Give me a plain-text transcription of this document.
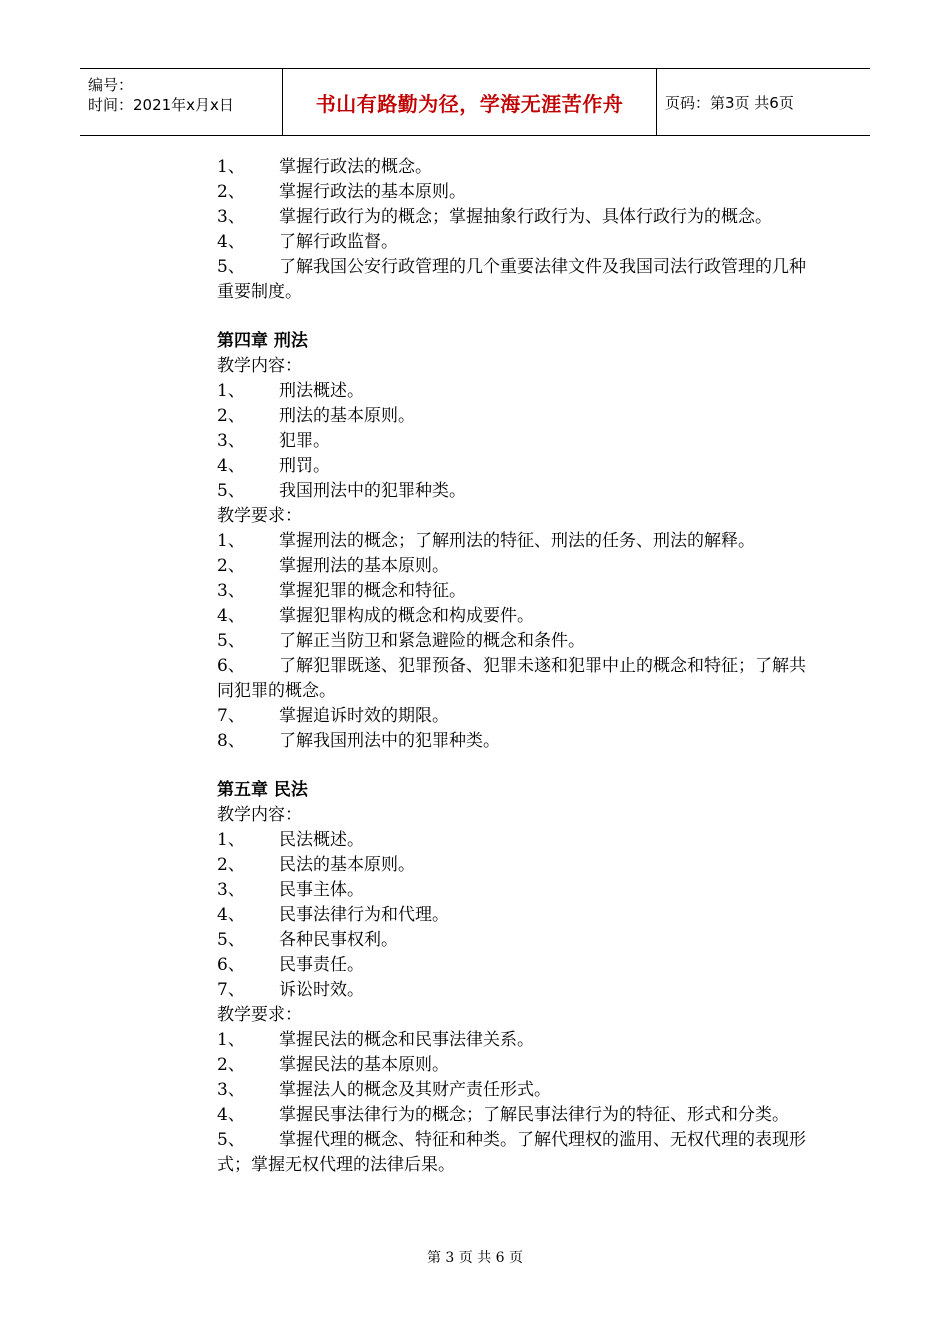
编号：
时间：2021年x月x日	书山有路勤为径，学海无涯苦作舟	页码：第3页 共6页
1、 掌握行政法的概念。
2、 掌握行政法的基本原则。
3、 掌握行政行为的概念；掌握抽象行政行为、具体行政行为的概念。
4、 了解行政监督。
5、 了解我国公安行政管理的几个重要法律文件及我国司法行政管理的几种重要制度。
第四章 刑法
教学内容：
1、 刑法概述。
2、 刑法的基本原则。
3、 犯罪。
4、 刑罚。
5、 我国刑法中的犯罪种类。
教学要求：
1、 掌握刑法的概念；了解刑法的特征、刑法的任务、刑法的解释。
2、 掌握刑法的基本原则。
3、 掌握犯罪的概念和特征。
4、 掌握犯罪构成的概念和构成要件。
5、 了解正当防卫和紧急避险的概念和条件。
6、 了解犯罪既遂、犯罪预备、犯罪未遂和犯罪中止的概念和特征；了解共同犯罪的概念。
7、 掌握追诉时效的期限。
8、 了解我国刑法中的犯罪种类。
第五章 民法
教学内容：
1、 民法概述。
2、 民法的基本原则。
3、 民事主体。
4、 民事法律行为和代理。
5、 各种民事权利。
6、 民事责任。
7、 诉讼时效。
教学要求：
1、 掌握民法的概念和民事法律关系。
2、 掌握民法的基本原则。
3、 掌握法人的概念及其财产责任形式。
4、 掌握民事法律行为的概念；了解民事法律行为的特征、形式和分类。
5、 掌握代理的概念、特征和种类。了解代理权的滥用、无权代理的表现形式；掌握无权代理的法律后果。
第 3 页 共 6 页
